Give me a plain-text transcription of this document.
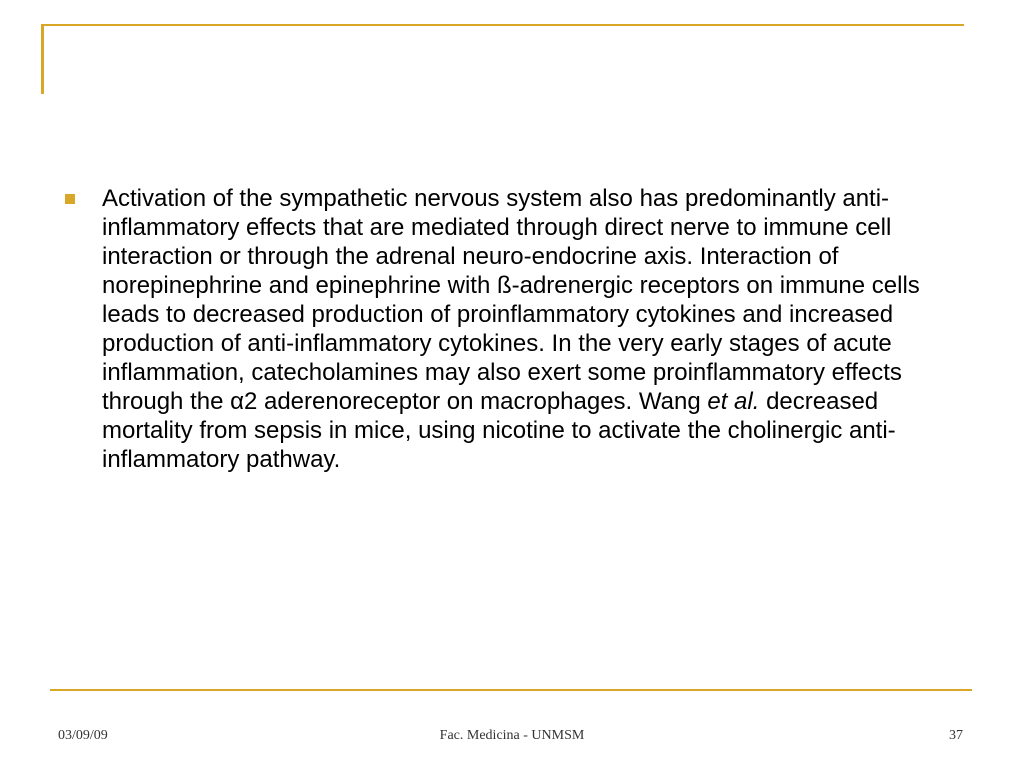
Activation of the sympathetic nervous system also has predominantly anti-inflammatory effects that are mediated through direct nerve to immune cell interaction or through the adrenal neuro-endocrine axis. Interaction of norepinephrine and epinephrine with ß-adrenergic receptors on immune cells leads to decreased production of proinflammatory cytokines and increased production of anti-inflammatory cytokines. In the very early stages of acute inflammation, catecholamines may also exert some proinflammatory effects through the α2 aderenoreceptor on macrophages. Wang et al. decreased mortality from sepsis in mice, using nicotine to activate the cholinergic anti-inflammatory pathway.
03/09/09	Fac. Medicina - UNMSM	37
